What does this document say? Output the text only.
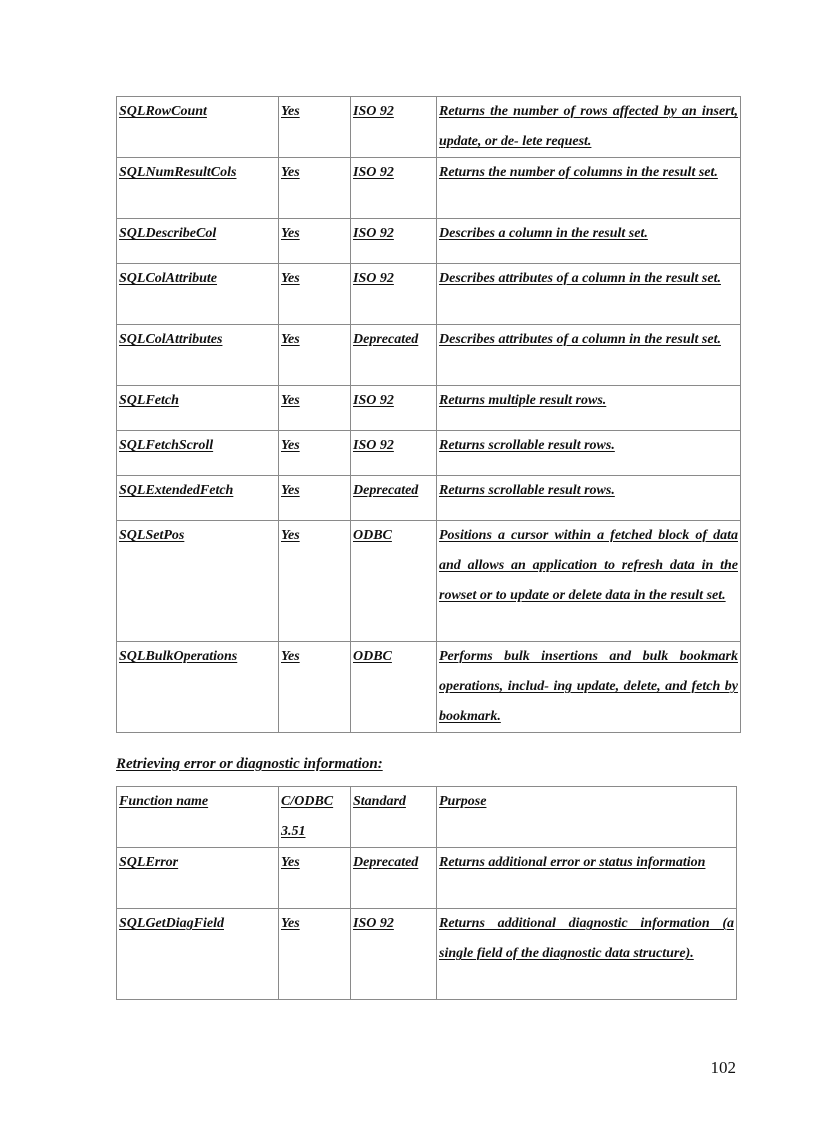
SQLRowCount	Yes	ISO 92	Returns the number of rows affected by an insert, update, or de- lete request.

SQLNumResultCols	Yes	ISO 92	Returns the number of columns in the result set.

SQLDescribeCol	Yes	ISO 92	Describes a column in the result set.

SQLColAttribute	Yes	ISO 92	Describes attributes of a column in the result set.

SQLColAttributes	Yes	Deprecated	Describes attributes of a column in the result set.

SQLFetch	Yes	ISO 92	Returns multiple result rows.

SQLFetchScroll	Yes	ISO 92	Returns scrollable result rows.

SQLExtendedFetch	Yes	Deprecated	Returns scrollable result rows.

SQLSetPos	Yes	ODBC	Positions a cursor within a fetched block of data and allows an application to refresh data in the rowset or to update or delete data in the result set.

SQLBulkOperations	Yes	ODBC	Performs bulk insertions and bulk bookmark operations, includ- ing update, delete, and fetch by bookmark.
Retrieving error or diagnostic information:
Function name	C/ODBC 3.51	Standard	Purpose

SQLError	Yes	Deprecated	Returns additional error or status information

SQLGetDiagField	Yes	ISO 92	Returns additional diagnostic information (a single field of the diagnostic data structure).
102
